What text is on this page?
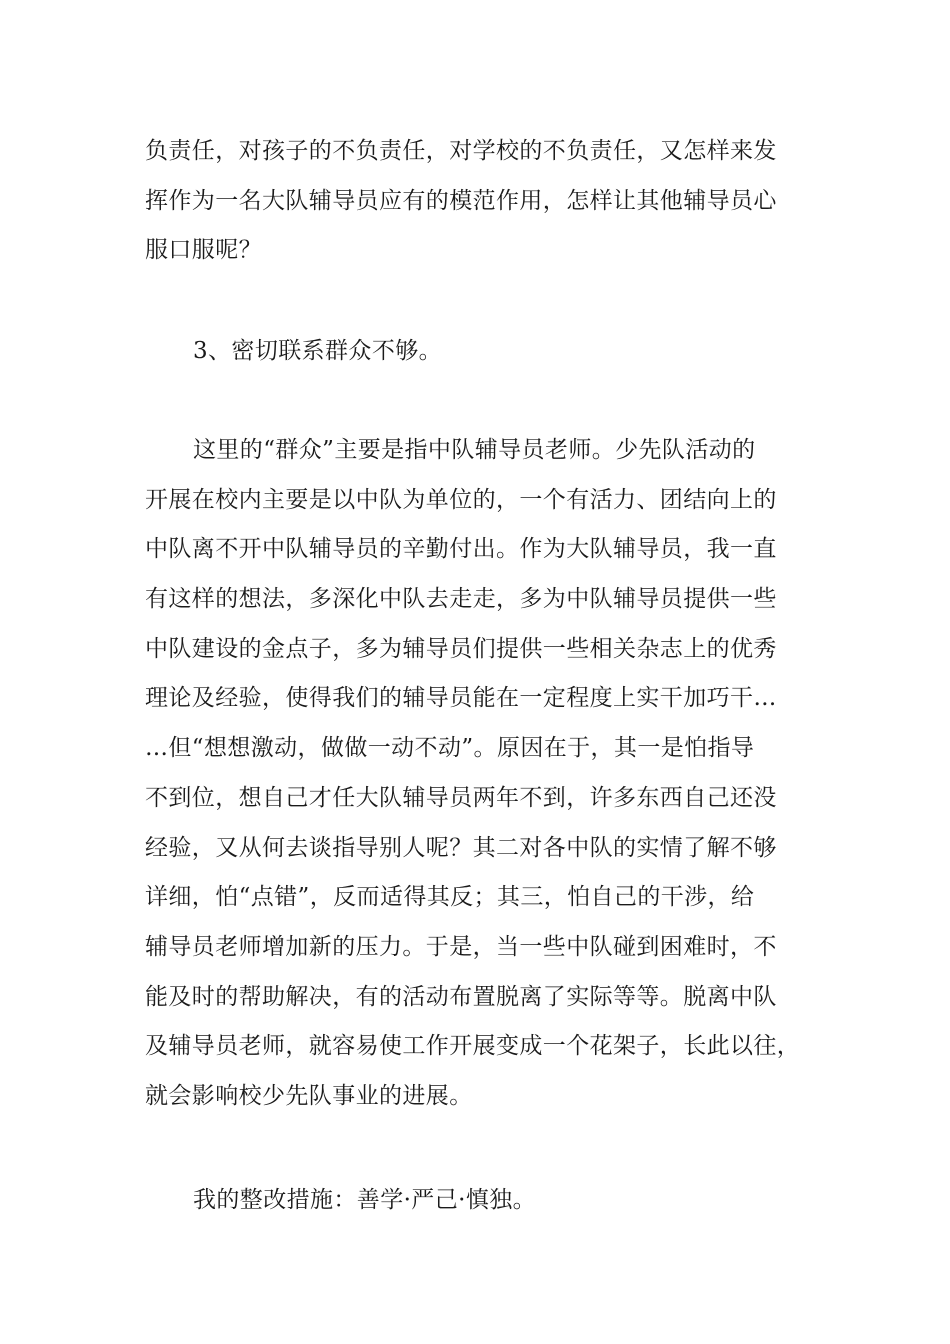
负责任，对孩子的不负责任，对学校的不负责任，又怎样来发
挥作为一名大队辅导员应有的模范作用，怎样让其他辅导员心
服口服呢？
3、密切联系群众不够。
这里的“群众”主要是指中队辅导员老师。少先队活动的
开展在校内主要是以中队为单位的，一个有活力、团结向上的
中队离不开中队辅导员的辛勤付出。作为大队辅导员，我一直
有这样的想法，多深化中队去走走，多为中队辅导员提供一些
中队建设的金点子，多为辅导员们提供一些相关杂志上的优秀
理论及经验，使得我们的辅导员能在一定程度上实干加巧干…
…但“想想激动，做做一动不动”。原因在于，其一是怕指导
不到位，想自己才任大队辅导员两年不到，许多东西自己还没
经验，又从何去谈指导别人呢？其二对各中队的实情了解不够
详细，怕“点错”，反而适得其反；其三，怕自己的干涉，给
辅导员老师增加新的压力。于是，当一些中队碰到困难时，不
能及时的帮助解决，有的活动布置脱离了实际等等。脱离中队
及辅导员老师，就容易使工作开展变成一个花架子，长此以往，
就会影响校少先队事业的进展。
我的整改措施：善学·严己·慎独。
